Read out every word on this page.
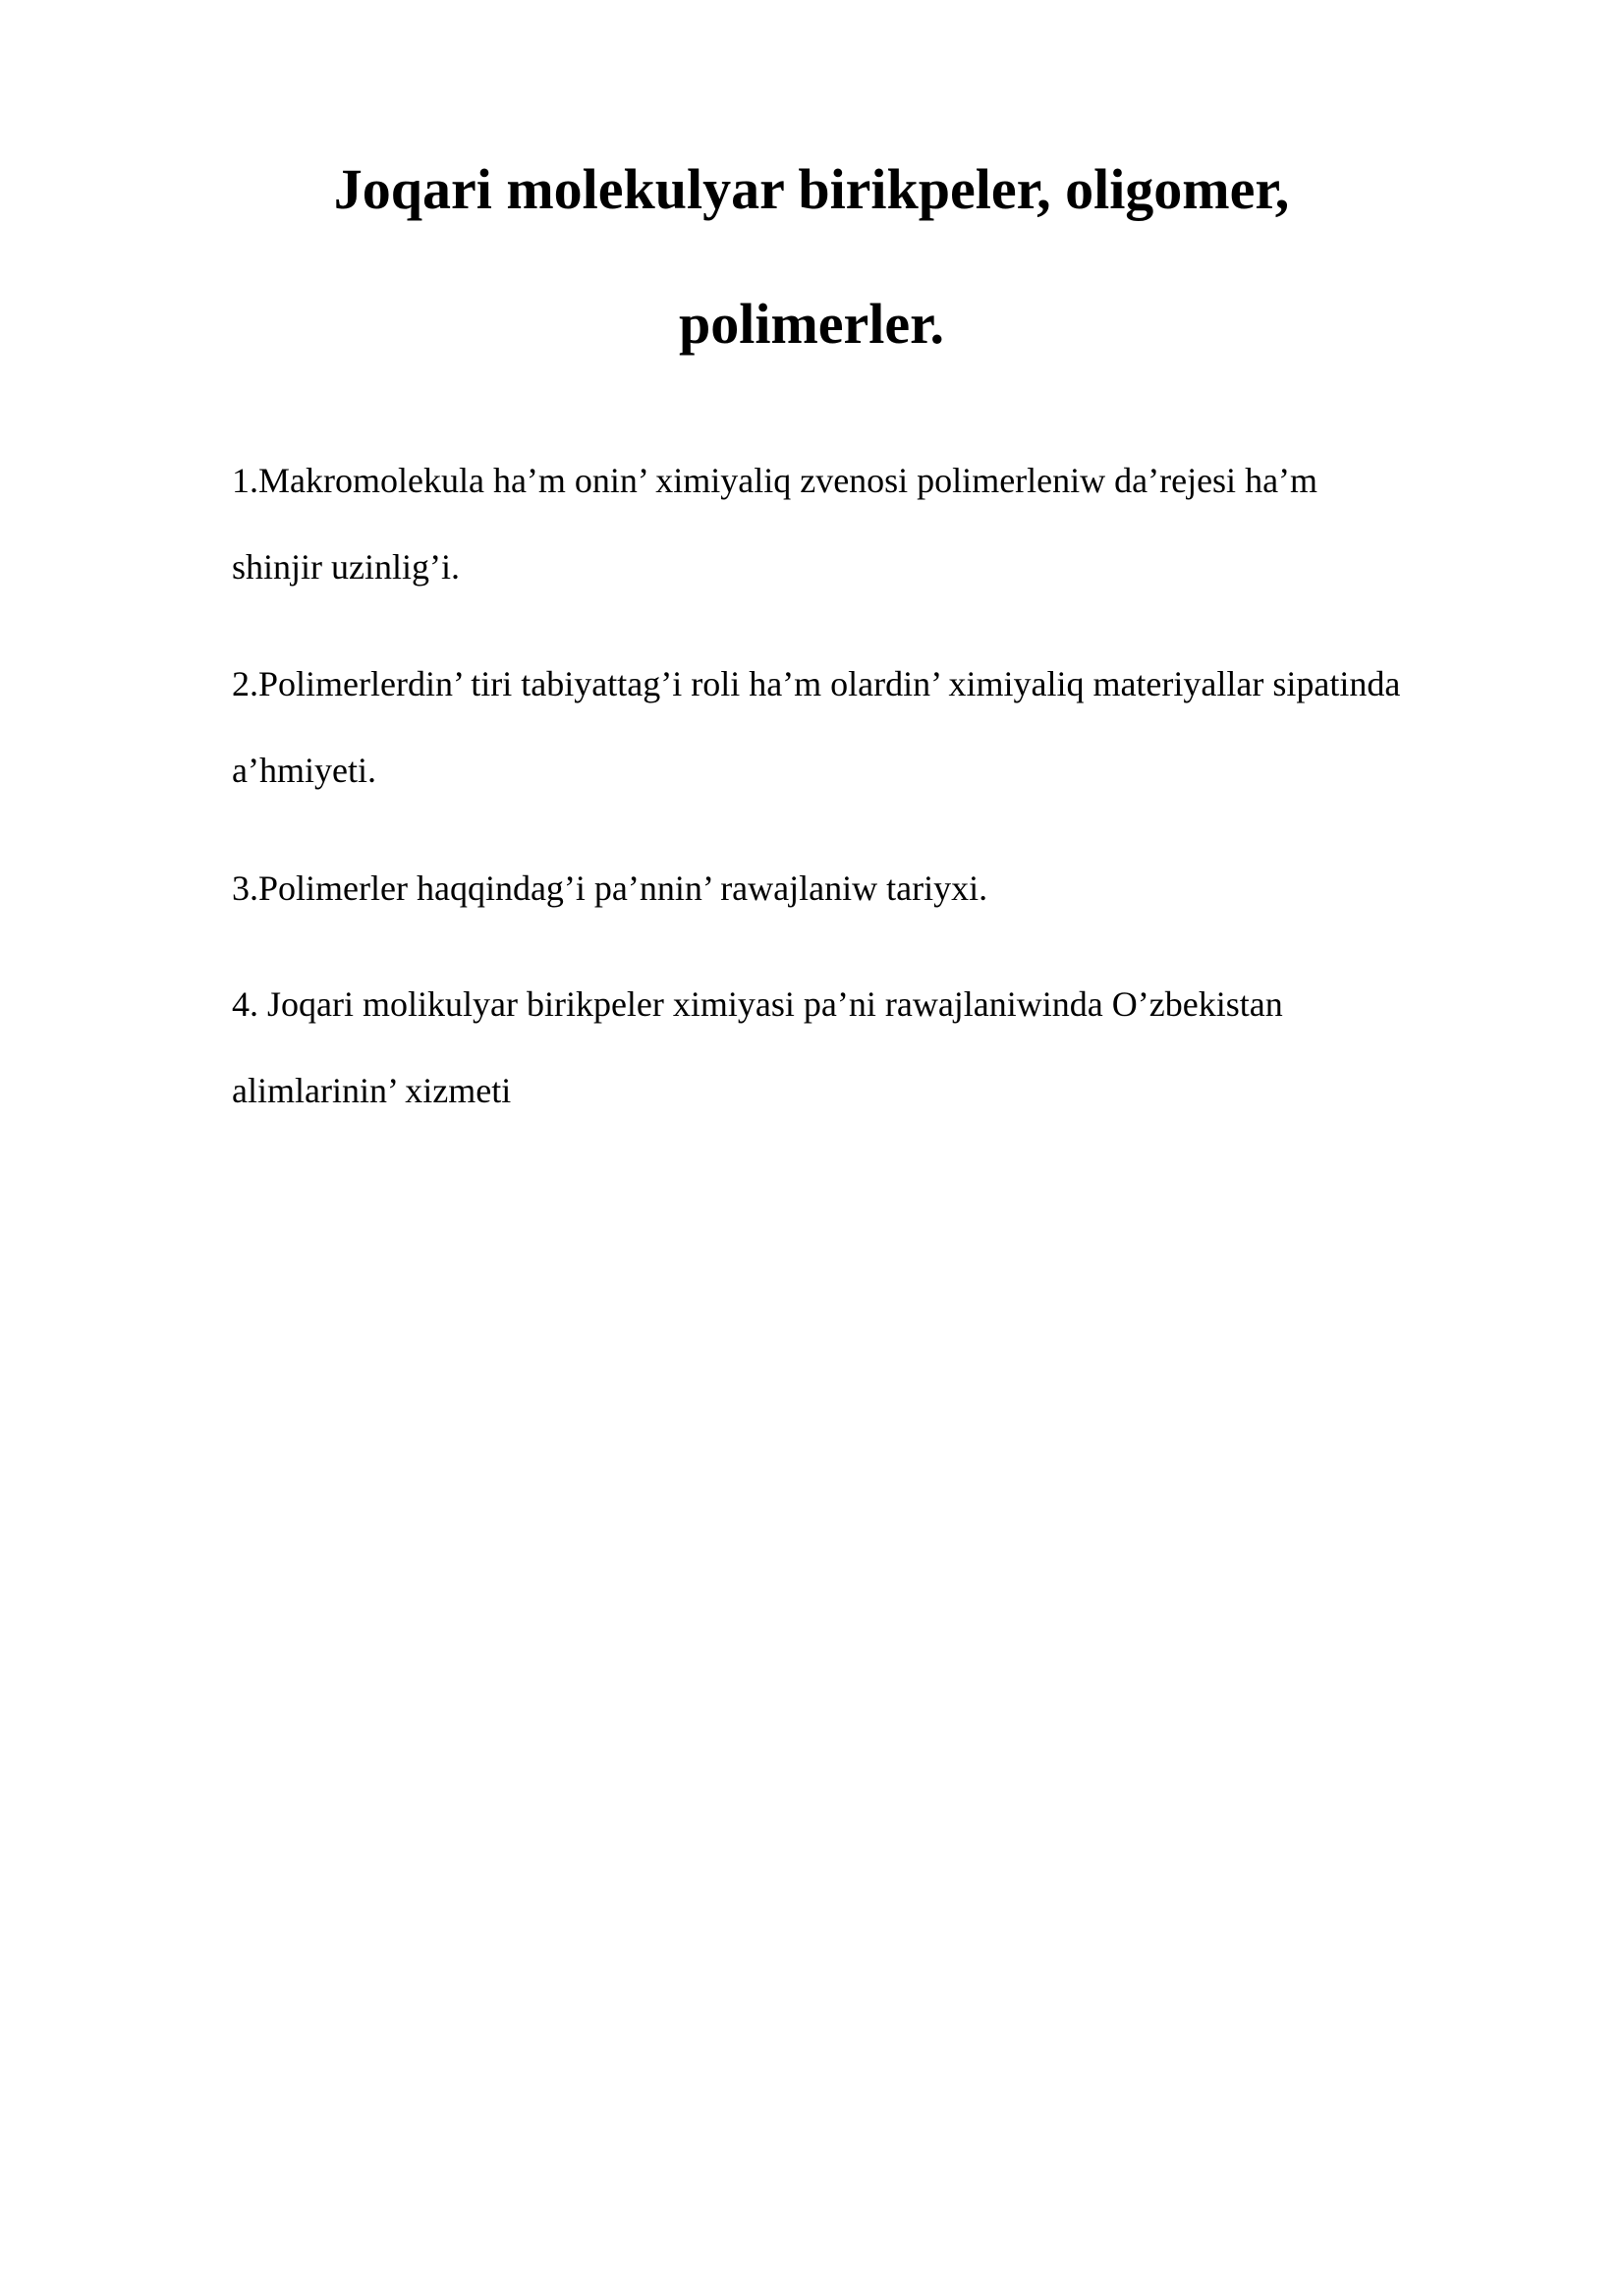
Joqari molekulyar birikpeler, oligomer,
polimerler.

1.Makromolekula ha’m onin’ ximiyaliq zvenosi polimerleniw da’rejesi ha’m

shinjir uzinlig’i.

2.Polimerlerdin’ tiri tabiyattag’i roli ha’m olardin’ ximiyaliq materiyallar sipatinda

a’hmiyeti.

3.Polimerler haqqindag’i pa’nnin’ rawajlaniw tariyxi.

4. Joqari molikulyar birikpeler ximiyasi pa’ni rawajlaniwinda O’zbekistan

alimlarinin’ xizmeti
